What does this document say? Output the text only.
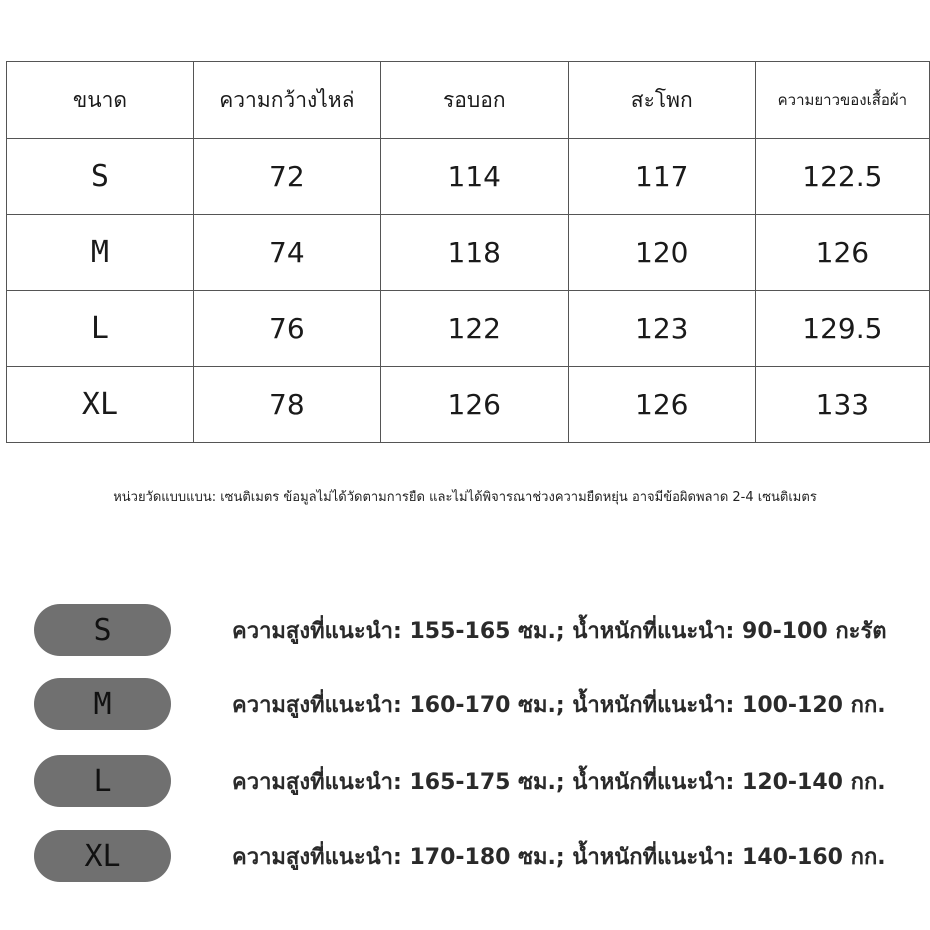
ขนาด	ความกว้างไหล่	รอบอก	สะโพก	ความยาวของเสื้อผ้า
S	72	114	117	122.5
M	74	118	120	126
L	76	122	123	129.5
XL	78	126	126	133
หน่วยวัดแบบแบน: เซนติเมตร ข้อมูลไม่ได้วัดตามการยืด และไม่ได้พิจารณาช่วงความยืดหยุ่น อาจมีข้อผิดพลาด 2-4 เซนติเมตร
S	ความสูงที่แนะนำ: 155-165 ซม.; น้ำหนักที่แนะนำ: 90-100 กะรัต
M	ความสูงที่แนะนำ: 160-170 ซม.; น้ำหนักที่แนะนำ: 100-120 กก.
L	ความสูงที่แนะนำ: 165-175 ซม.; น้ำหนักที่แนะนำ: 120-140 กก.
XL	ความสูงที่แนะนำ: 170-180 ซม.; น้ำหนักที่แนะนำ: 140-160 กก.
